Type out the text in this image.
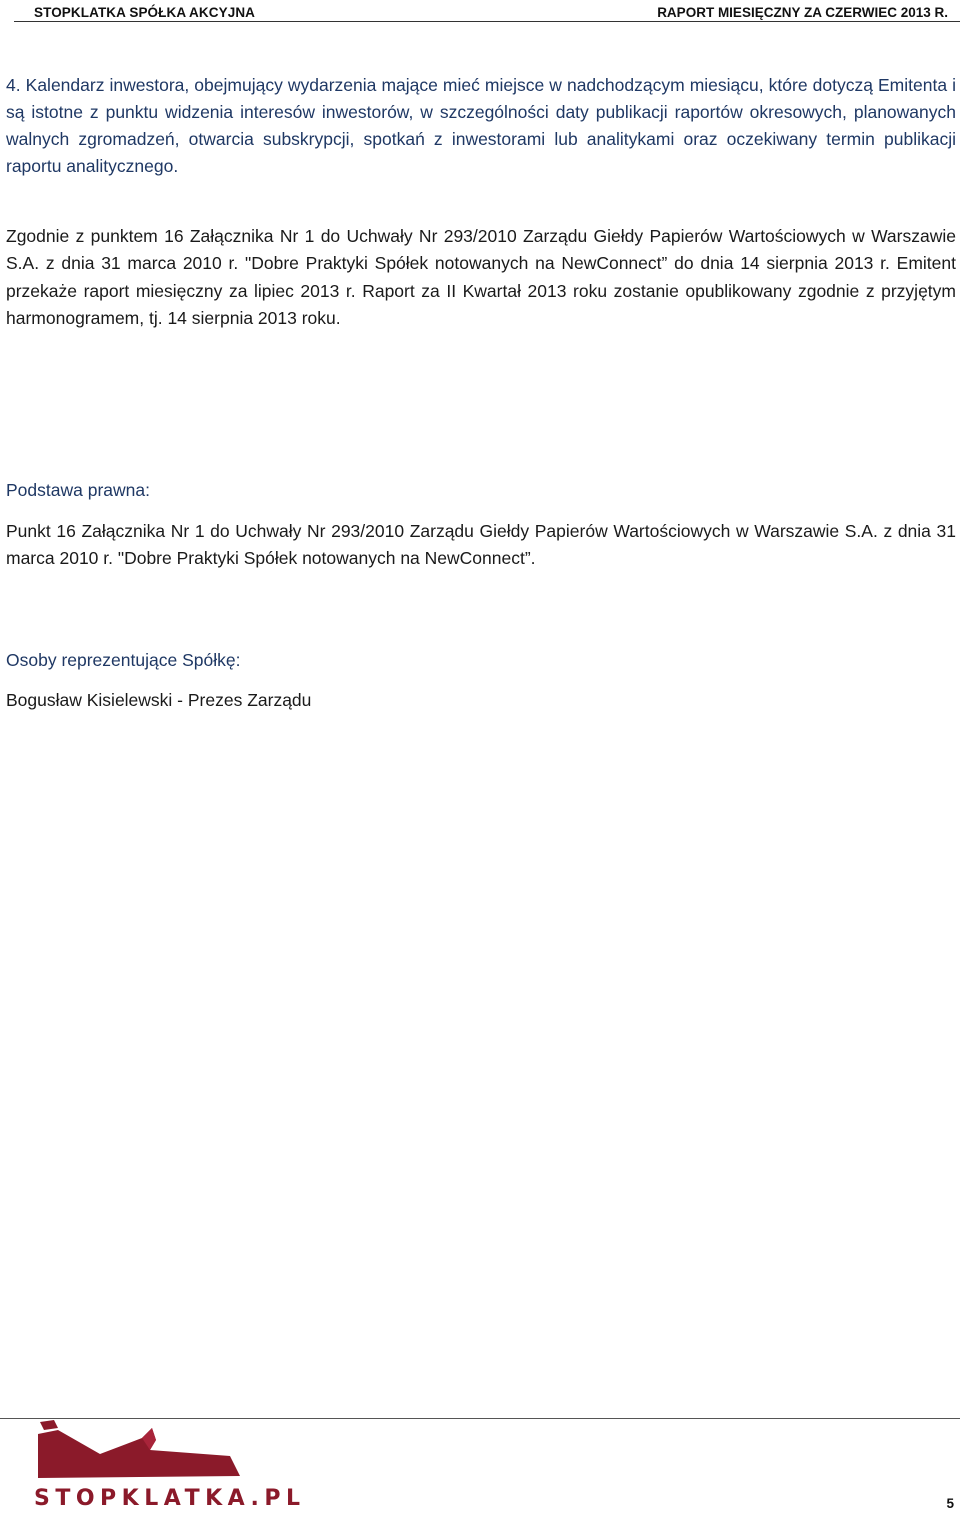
STOPKLATKA SPÓŁKA AKCYJNA	RAPORT MIESIĘCZNY ZA CZERWIEC 2013 R.
4. Kalendarz inwestora, obejmujący wydarzenia mające mieć miejsce w nadchodzącym miesiącu, które dotyczą Emitenta i są istotne z punktu widzenia interesów inwestorów, w szczególności daty publikacji raportów okresowych, planowanych walnych zgromadzeń, otwarcia subskrypcji, spotkań z inwestorami lub analitykami oraz oczekiwany termin publikacji raportu analitycznego.
Zgodnie z punktem 16 Załącznika Nr 1 do Uchwały Nr 293/2010 Zarządu Giełdy Papierów Wartościowych w Warszawie S.A. z dnia 31 marca 2010 r. "Dobre Praktyki Spółek notowanych na NewConnect” do dnia 14 sierpnia 2013 r. Emitent przekaże raport miesięczny za lipiec 2013 r. Raport za II Kwartał 2013 roku zostanie opublikowany zgodnie z przyjętym harmonogramem, tj. 14 sierpnia 2013 roku.
Podstawa prawna:
Punkt 16 Załącznika Nr 1 do Uchwały Nr 293/2010 Zarządu Giełdy Papierów Wartościowych w Warszawie S.A. z dnia 31 marca 2010 r. "Dobre Praktyki Spółek notowanych na NewConnect”.
Osoby reprezentujące Spółkę:
Bogusław Kisielewski - Prezes Zarządu
STOPKLATKA.PL	5
